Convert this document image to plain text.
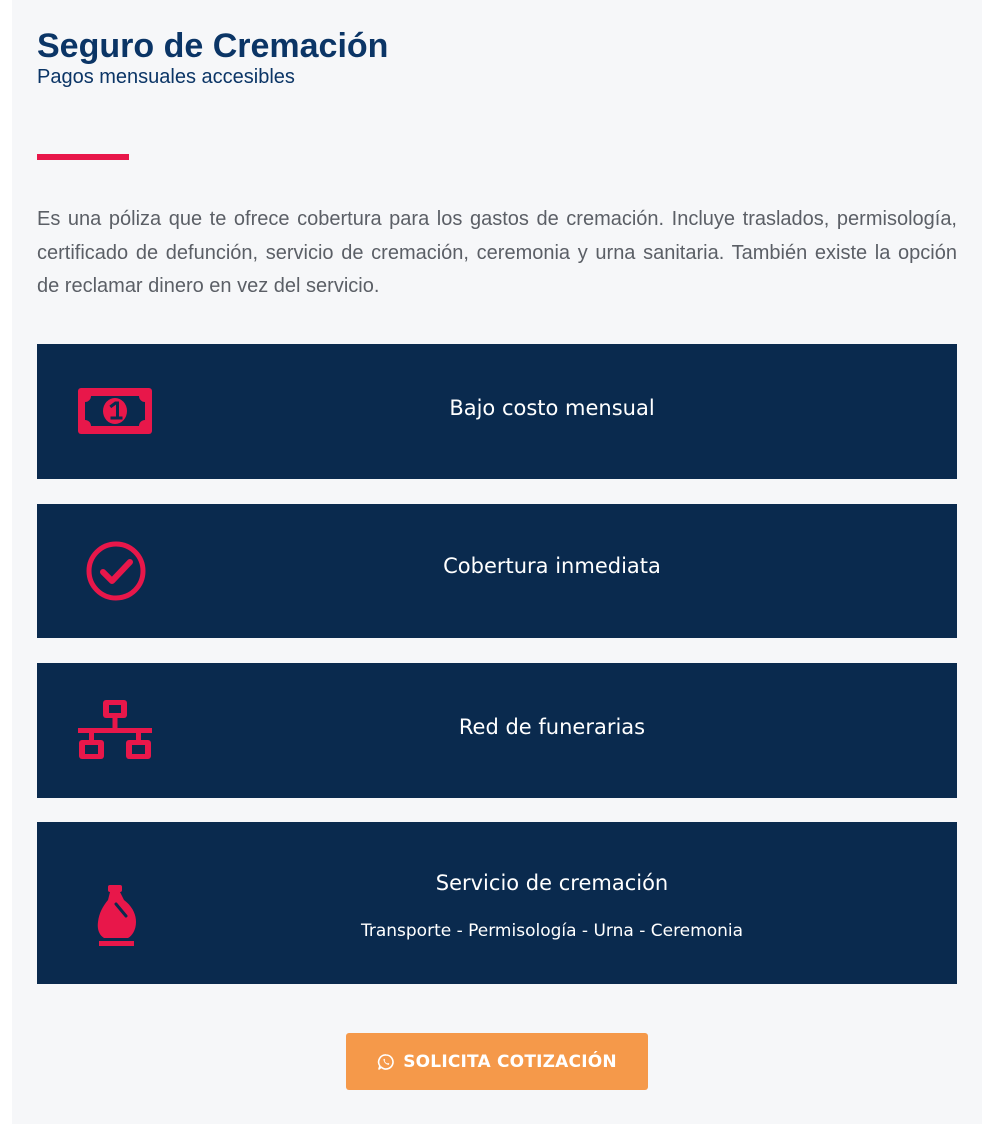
Seguro de Cremación
Pagos mensuales accesibles

Es una póliza que te ofrece cobertura para los gastos de cremación. Incluye traslados, permisología, certificado de defunción, servicio de cremación, ceremonia y urna sanitaria. También existe la opción de reclamar dinero en vez del servicio.

Bajo costo mensual
Cobertura inmediata
Red de funerarias
Servicio de cremación
Transporte - Permisología - Urna - Ceremonia
SOLICITA COTIZACIÓN
